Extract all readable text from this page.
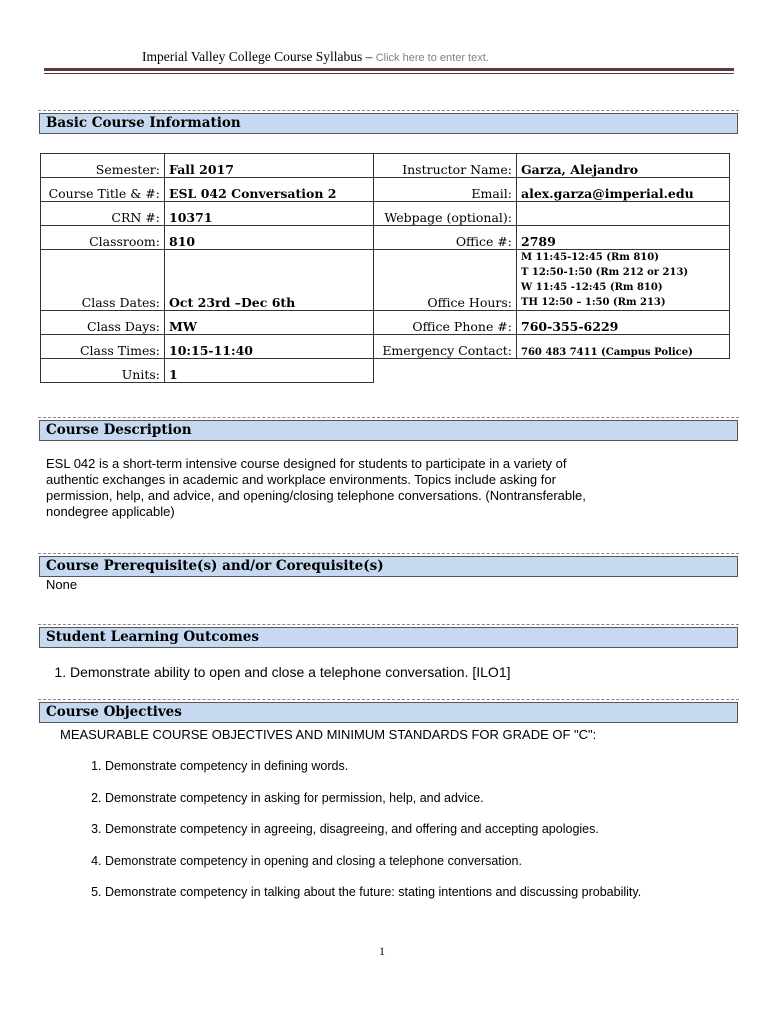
Imperial Valley College Course Syllabus – Click here to enter text.
Basic Course Information
Semester:	Fall 2017	Instructor Name:	Garza, Alejandro
Course Title & #:	ESL 042 Conversation 2	Email:	alex.garza@imperial.edu
CRN #:	10371	Webpage (optional):	
Classroom:	810	Office #:	2789
Class Dates:	Oct 23rd –Dec 6th	Office Hours:	M 11:45-12:45 (Rm 810)
T 12:50-1:50 (Rm 212 or 213)
W 11:45 -12:45 (Rm 810)
TH 12:50 – 1:50 (Rm 213)

Class Days:	MW	Office Phone #:	760-355-6229
Class Times:	10:15-11:40	Emergency Contact:	760 483 7411 (Campus Police)
Units:	1		
Course Description
ESL 042 is a short-term intensive course designed for students to participate in a variety of
authentic exchanges in academic and workplace environments. Topics include asking for
permission, help, and advice, and opening/closing telephone conversations. (Nontransferable,
nondegree applicable)
Course Prerequisite(s) and/or Corequisite(s)
None
Student Learning Outcomes
1. Demonstrate ability to open and close a telephone conversation. [ILO1]
Course Objectives
MEASURABLE COURSE OBJECTIVES AND MINIMUM STANDARDS FOR GRADE OF "C":
1. Demonstrate competency in defining words.
2. Demonstrate competency in asking for permission, help, and advice.
3. Demonstrate competency in agreeing, disagreeing, and offering and accepting apologies.
4. Demonstrate competency in opening and closing a telephone conversation.
5. Demonstrate competency in talking about the future: stating intentions and discussing probability.
1
